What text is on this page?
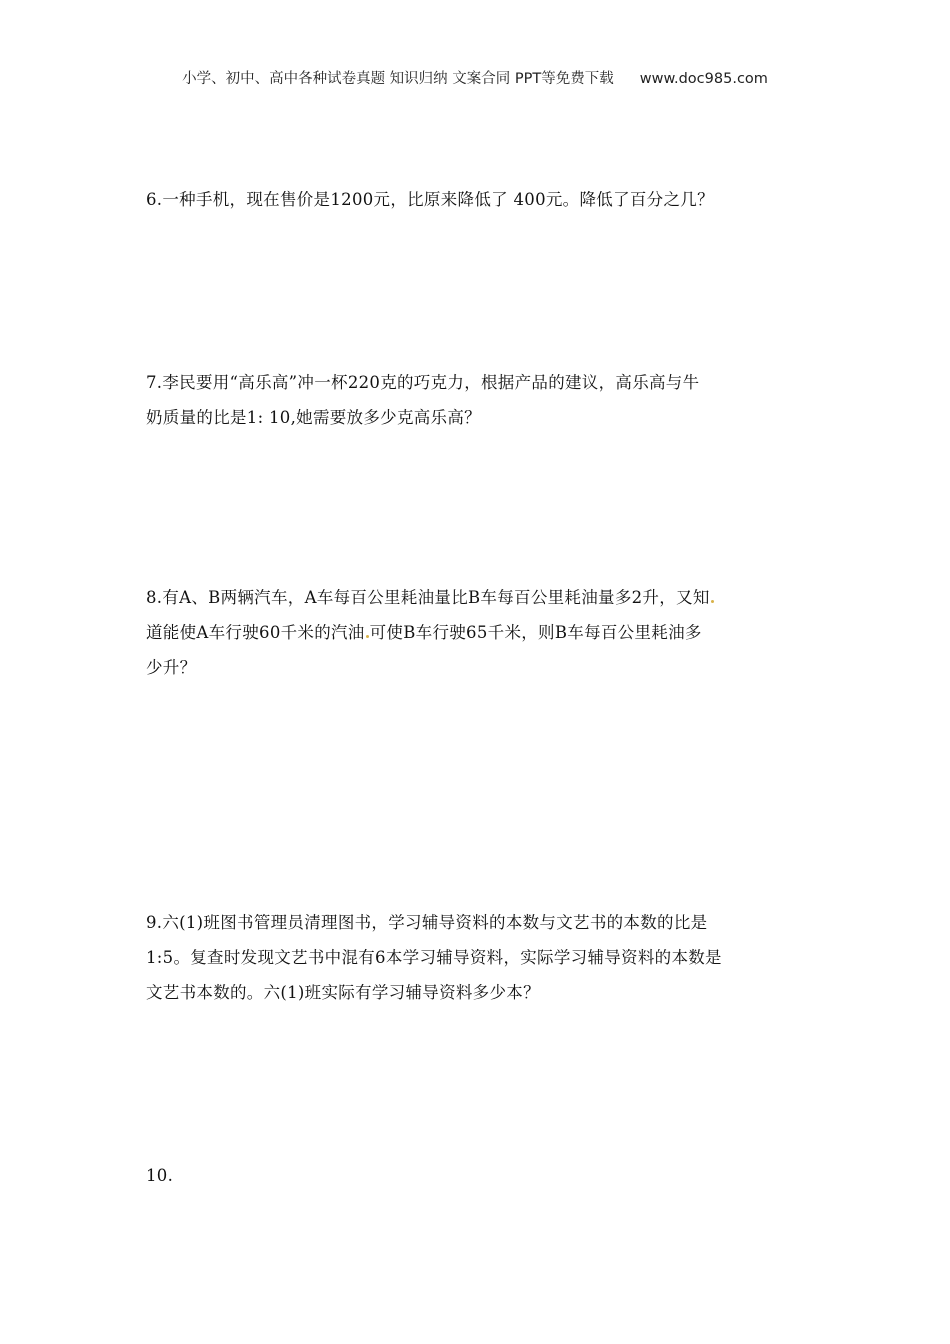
小学、初中、高中各种试卷真题 知识归纳 文案合同 PPT等免费下载 www.doc985.com
6.一种手机，现在售价是1200元，比原来降低了 400元。降低了百分之几？
7.李民要用“高乐高”冲一杯220克的巧克力，根据产品的建议，高乐高与牛
奶质量的比是1: 10,她需要放多少克高乐高？
8.有A、B两辆汽车，A车每百公里耗油量比B车每百公里耗油量多2升，又知
道能使A车行驶60千米的汽油 可使B车行驶65千米，则B车每百公里耗油多
少升？
9.六(1)班图书管理员清理图书，学习辅导资料的本数与文艺书的本数的比是
1:5。复查时发现文艺书中混有6本学习辅导资料，实际学习辅导资料的本数是
文艺书本数的。六(1)班实际有学习辅导资料多少本？
10.
